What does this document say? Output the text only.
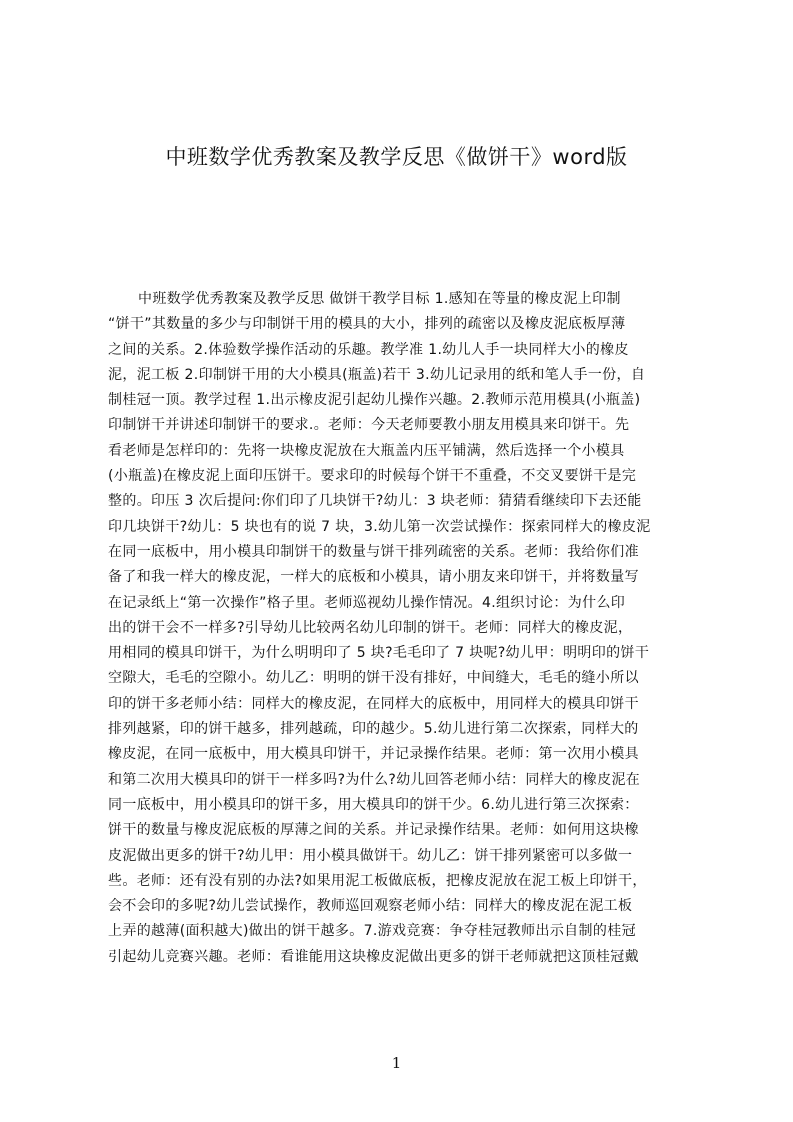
中班数学优秀教案及教学反思《做饼干》word版
中班数学优秀教案及教学反思 做饼干教学目标 1.感知在等量的橡皮泥上印制
“饼干”其数量的多少与印制饼干用的模具的大小，排列的疏密以及橡皮泥底板厚薄
之间的关系。2.体验数学操作活动的乐趣。教学准 1.幼儿人手一块同样大小的橡皮
泥，泥工板 2.印制饼干用的大小模具(瓶盖)若干 3.幼儿记录用的纸和笔人手一份，自
制桂冠一顶。教学过程 1.出示橡皮泥引起幼儿操作兴趣。2.教师示范用模具(小瓶盖)
印制饼干并讲述印制饼干的要求.。老师：今天老师要教小朋友用模具来印饼干。先
看老师是怎样印的：先将一块橡皮泥放在大瓶盖内压平铺满，然后选择一个小模具
(小瓶盖)在橡皮泥上面印压饼干。要求印的时候每个饼干不重叠，不交叉要饼干是完
整的。印压 3 次后提问:你们印了几块饼干?幼儿：3 块老师：猜猜看继续印下去还能
印几块饼干?幼儿：5 块也有的说 7 块，3.幼儿第一次尝试操作：探索同样大的橡皮泥
在同一底板中，用小模具印制饼干的数量与饼干排列疏密的关系。老师：我给你们准
备了和我一样大的橡皮泥，一样大的底板和小模具，请小朋友来印饼干，并将数量写
在记录纸上“第一次操作”格子里。老师巡视幼儿操作情况。4.组织讨论：为什么印
出的饼干会不一样多?引导幼儿比较两名幼儿印制的饼干。老师：同样大的橡皮泥，
用相同的模具印饼干，为什么明明印了 5 块?毛毛印了 7 块呢?幼儿甲：明明印的饼干
空隙大，毛毛的空隙小。幼儿乙：明明的饼干没有排好，中间缝大，毛毛的缝小所以
印的饼干多老师小结：同样大的橡皮泥，在同样大的底板中，用同样大的模具印饼干
排列越紧，印的饼干越多，排列越疏，印的越少。5.幼儿进行第二次探索，同样大的
橡皮泥，在同一底板中，用大模具印饼干，并记录操作结果。老师：第一次用小模具
和第二次用大模具印的饼干一样多吗?为什么?幼儿回答老师小结：同样大的橡皮泥在
同一底板中，用小模具印的饼干多，用大模具印的饼干少。6.幼儿进行第三次探索：
饼干的数量与橡皮泥底板的厚薄之间的关系。并记录操作结果。老师：如何用这块橡
皮泥做出更多的饼干?幼儿甲：用小模具做饼干。幼儿乙：饼干排列紧密可以多做一
些。老师：还有没有别的办法?如果用泥工板做底板，把橡皮泥放在泥工板上印饼干，
会不会印的多呢?幼儿尝试操作，教师巡回观察老师小结：同样大的橡皮泥在泥工板
上弄的越薄(面积越大)做出的饼干越多。7.游戏竞赛：争夺桂冠教师出示自制的桂冠
引起幼儿竞赛兴趣。老师：看谁能用这块橡皮泥做出更多的饼干老师就把这顶桂冠戴
1
